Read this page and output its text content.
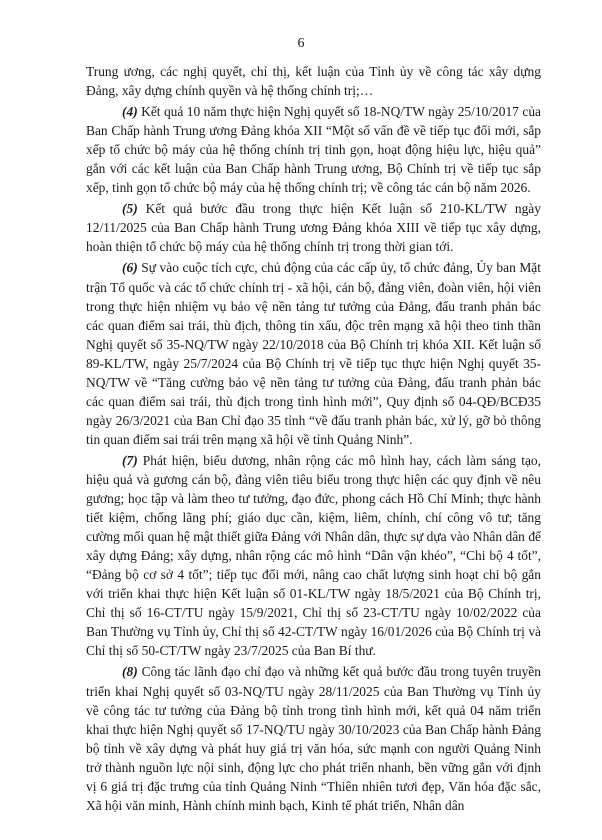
6

Trung ương, các nghị quyết, chỉ thị, kết luận của Tỉnh ủy về công tác xây dựng Đảng, xây dựng chính quyền và hệ thống chính trị;…

(4) Kết quả 10 năm thực hiện Nghị quyết số 18-NQ/TW ngày 25/10/2017 của Ban Chấp hành Trung ương Đảng khóa XII “Một số vấn đề về tiếp tục đổi mới, sắp xếp tổ chức bộ máy của hệ thống chính trị tinh gọn, hoạt động hiệu lực, hiệu quả” gắn với các kết luận của Ban Chấp hành Trung ương, Bộ Chính trị về tiếp tục sắp xếp, tinh gọn tổ chức bộ máy của hệ thống chính trị; về công tác cán bộ năm 2026.

(5) Kết quả bước đầu trong thực hiện Kết luận số 210-KL/TW ngày 12/11/2025 của Ban Chấp hành Trung ương Đảng khóa XIII về tiếp tục xây dựng, hoàn thiện tổ chức bộ máy của hệ thống chính trị trong thời gian tới.

(6) Sự vào cuộc tích cực, chủ động của các cấp ủy, tổ chức đảng, Ủy ban Mặt trận Tổ quốc và các tổ chức chính trị - xã hội, cán bộ, đảng viên, đoàn viên, hội viên trong thực hiện nhiệm vụ bảo vệ nền tảng tư tưởng của Đảng, đấu tranh phản bác các quan điểm sai trái, thù địch, thông tin xấu, độc trên mạng xã hội theo tinh thần Nghị quyết số 35-NQ/TW ngày 22/10/2018 của Bộ Chính trị khóa XII. Kết luận số 89-KL/TW, ngày 25/7/2024 của Bộ Chính trị về tiếp tục thực hiện Nghị quyết 35-NQ/TW về “Tăng cường bảo vệ nền tảng tư tưởng của Đảng, đấu tranh phản bác các quan điểm sai trái, thù địch trong tình hình mới”, Quy định số 04-QĐ/BCĐ35 ngày 26/3/2021 của Ban Chỉ đạo 35 tỉnh “về đấu tranh phản bác, xử lý, gỡ bỏ thông tin quan điểm sai trái trên mạng xã hội về tỉnh Quảng Ninh”.

(7) Phát hiện, biểu dương, nhân rộng các mô hình hay, cách làm sáng tạo, hiệu quả và gương cán bộ, đảng viên tiêu biểu trong thực hiện các quy định về nêu gương; học tập và làm theo tư tưởng, đạo đức, phong cách Hồ Chí Minh; thực hành tiết kiệm, chống lãng phí; giáo dục cần, kiệm, liêm, chính, chí công vô tư; tăng cường mối quan hệ mật thiết giữa Đảng với Nhân dân, thực sự dựa vào Nhân dân để xây dựng Đảng; xây dựng, nhân rộng các mô hình “Dân vận khéo”, “Chi bộ 4 tốt”, “Đảng bộ cơ sở 4 tốt”; tiếp tục đổi mới, nâng cao chất lượng sinh hoạt chi bộ gắn với triển khai thực hiện Kết luận số 01-KL/TW ngày 18/5/2021 của Bộ Chính trị, Chỉ thị số 16-CT/TU ngày 15/9/2021, Chỉ thị số 23-CT/TU ngày 10/02/2022 của Ban Thường vụ Tỉnh ủy, Chỉ thị số 42-CT/TW ngày 16/01/2026 của Bộ Chính trị và Chỉ thị số 50-CT/TW ngày 23/7/2025 của Ban Bí thư.

(8) Công tác lãnh đạo chỉ đạo và những kết quả bước đầu trong tuyên truyền triển khai Nghị quyết số 03-NQ/TU ngày 28/11/2025 của Ban Thường vụ Tỉnh ủy về công tác tư tưởng của Đảng bộ tỉnh trong tình hình mới, kết quả 04 năm triển khai thực hiện Nghị quyết số 17-NQ/TU ngày 30/10/2023 của Ban Chấp hành Đảng bộ tỉnh về xây dựng và phát huy giá trị văn hóa, sức mạnh con người Quảng Ninh trở thành nguồn lực nội sinh, động lực cho phát triển nhanh, bền vững gắn với định vị 6 giá trị đặc trưng của tỉnh Quảng Ninh “Thiên nhiên tươi đẹp, Văn hóa đặc sắc, Xã hội văn minh, Hành chính minh bạch, Kinh tế phát triển, Nhân dân
